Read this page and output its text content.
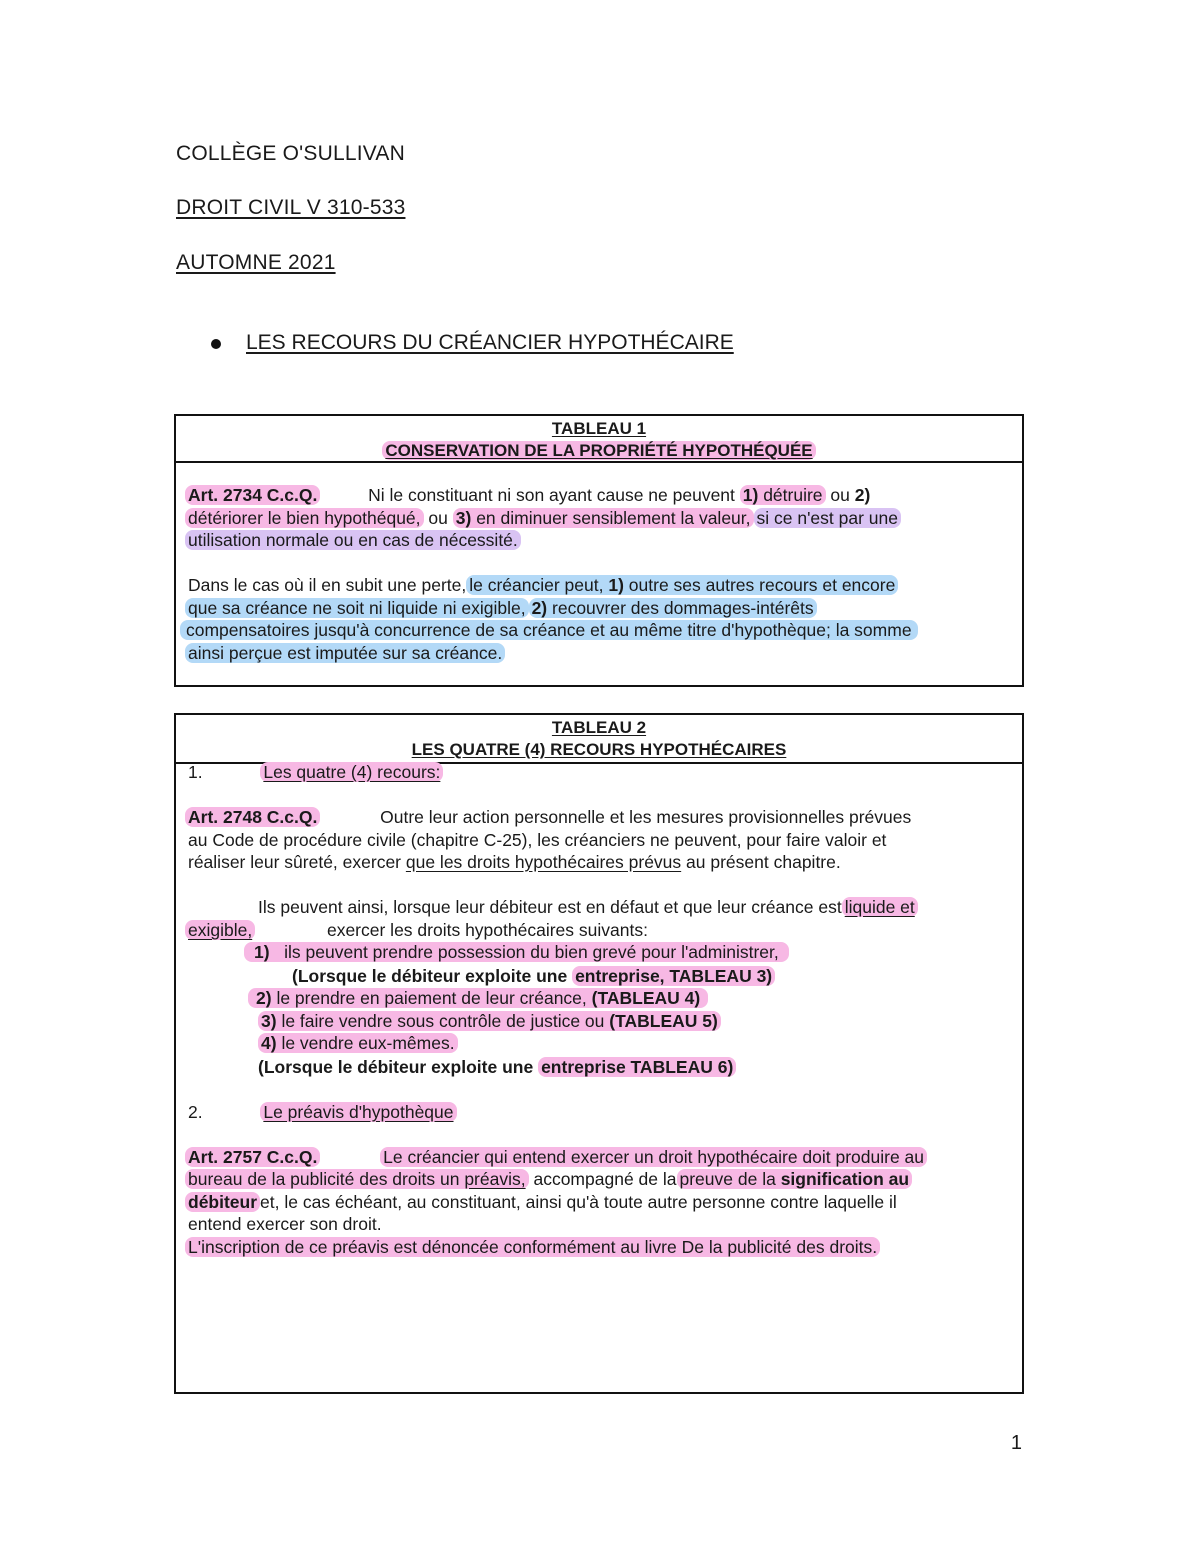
COLLÈGE O'SULLIVAN
DROIT CIVIL V 310-533
AUTOMNE 2021
LES RECOURS DU CRÉANCIER HYPOTHÉCAIRE
TABLEAU 1
CONSERVATION DE LA PROPRIÉTÉ HYPOTHÉQUÉE
Art. 2734 C.c.Q.	Ni le constituant ni son ayant cause ne peuvent 1) détruire ou 2)
détériorer le bien hypothéqué, ou 3) en diminuer sensiblement la valeur, si ce n'est par une
utilisation normale ou en cas de nécessité.
Dans le cas où il en subit une perte, le créancier peut, 1) outre ses autres recours et encore
que sa créance ne soit ni liquide ni exigible, 2) recouvrer des dommages-intérêts
compensatoires jusqu'à concurrence de sa créance et au même titre d'hypothèque; la somme
ainsi perçue est imputée sur sa créance.
TABLEAU 2
LES QUATRE (4) RECOURS HYPOTHÉCAIRES
1.	Les quatre (4) recours:
Art. 2748 C.c.Q.	Outre leur action personnelle et les mesures provisionnelles prévues
au Code de procédure civile (chapitre C-25), les créanciers ne peuvent, pour faire valoir et
réaliser leur sûreté, exercer que les droits hypothécaires prévus au présent chapitre.
Ils peuvent ainsi, lorsque leur débiteur est en défaut et que leur créance est liquide et
exigible,	exercer les droits hypothécaires suivants:
1) ils peuvent prendre possession du bien grevé pour l'administrer,
(Lorsque le débiteur exploite une entreprise, TABLEAU 3)
2) le prendre en paiement de leur créance, (TABLEAU 4)
3) le faire vendre sous contrôle de justice ou (TABLEAU 5)
4) le vendre eux-mêmes.
(Lorsque le débiteur exploite une entreprise TABLEAU 6)
2.	Le préavis d'hypothèque
Art. 2757 C.c.Q.	Le créancier qui entend exercer un droit hypothécaire doit produire au
bureau de la publicité des droits un préavis, accompagné de la preuve de la signification au
débiteur et, le cas échéant, au constituant, ainsi qu'à toute autre personne contre laquelle il
entend exercer son droit.
L'inscription de ce préavis est dénoncée conformément au livre De la publicité des droits.
1
